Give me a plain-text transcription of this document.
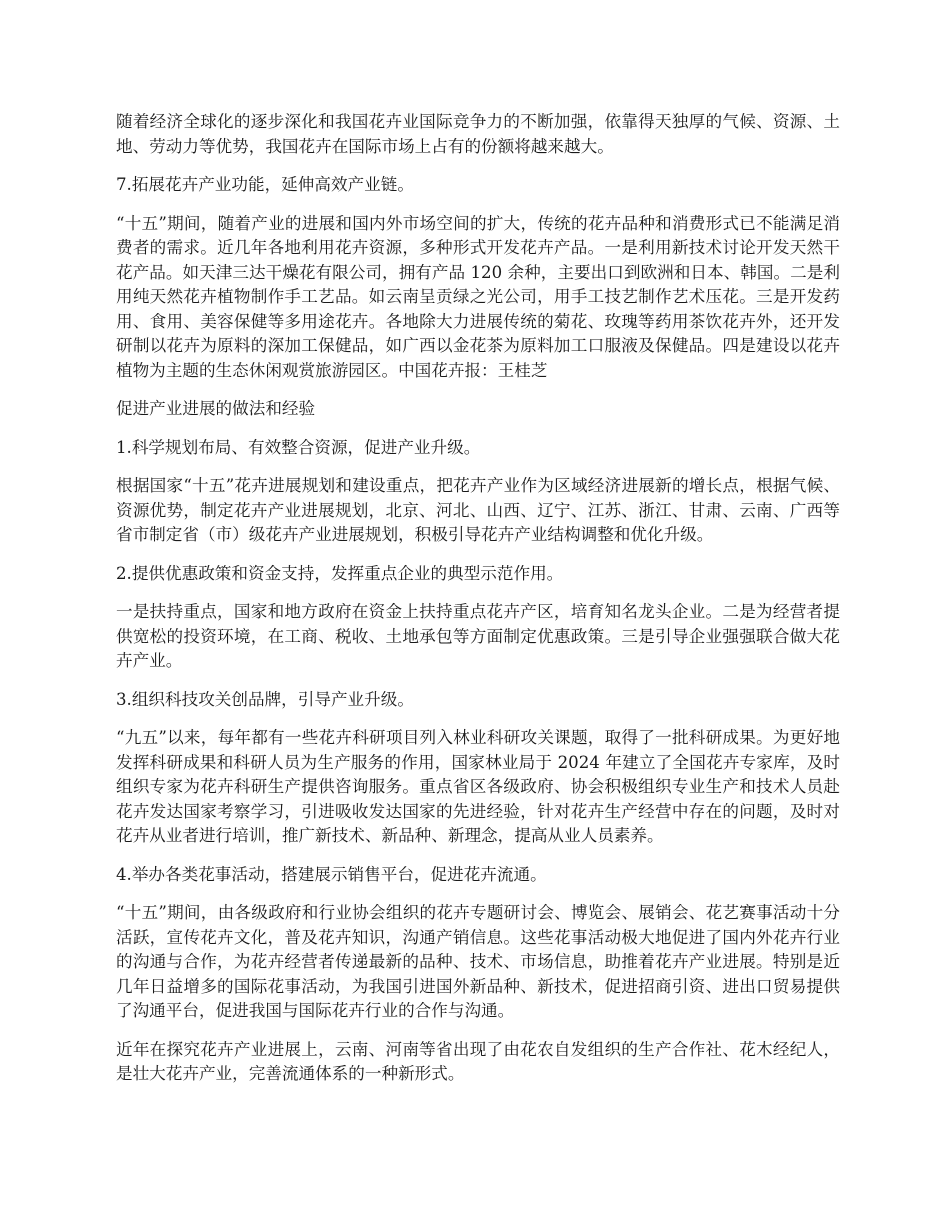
随着经济全球化的逐步深化和我国花卉业国际竞争力的不断加强，依靠得天独厚的气候、资源、土地、劳动力等优势，我国花卉在国际市场上占有的份额将越来越大。

7.拓展花卉产业功能，延伸高效产业链。

“十五”期间，随着产业的进展和国内外市场空间的扩大，传统的花卉品种和消费形式已不能满足消费者的需求。近几年各地利用花卉资源，多种形式开发花卉产品。一是利用新技术讨论开发天然干花产品。如天津三达干燥花有限公司，拥有产品 120 余种，主要出口到欧洲和日本、韩国。二是利用纯天然花卉植物制作手工艺品。如云南呈贡绿之光公司，用手工技艺制作艺术压花。三是开发药用、食用、美容保健等多用途花卉。各地除大力进展传统的菊花、玫瑰等药用茶饮花卉外，还开发研制以花卉为原料的深加工保健品，如广西以金花茶为原料加工口服液及保健品。四是建设以花卉植物为主题的生态休闲观赏旅游园区。中国花卉报：王桂芝

促进产业进展的做法和经验

1.科学规划布局、有效整合资源，促进产业升级。

根据国家“十五”花卉进展规划和建设重点，把花卉产业作为区域经济进展新的增长点，根据气候、资源优势，制定花卉产业进展规划，北京、河北、山西、辽宁、江苏、浙江、甘肃、云南、广西等省市制定省（市）级花卉产业进展规划，积极引导花卉产业结构调整和优化升级。

2.提供优惠政策和资金支持，发挥重点企业的典型示范作用。

一是扶持重点，国家和地方政府在资金上扶持重点花卉产区，培育知名龙头企业。二是为经营者提供宽松的投资环境，在工商、税收、土地承包等方面制定优惠政策。三是引导企业强强联合做大花卉产业。

3.组织科技攻关创品牌，引导产业升级。

“九五”以来，每年都有一些花卉科研项目列入林业科研攻关课题，取得了一批科研成果。为更好地发挥科研成果和科研人员为生产服务的作用，国家林业局于 2024 年建立了全国花卉专家库，及时组织专家为花卉科研生产提供咨询服务。重点省区各级政府、协会积极组织专业生产和技术人员赴花卉发达国家考察学习，引进吸收发达国家的先进经验，针对花卉生产经营中存在的问题，及时对花卉从业者进行培训，推广新技术、新品种、新理念，提高从业人员素养。

4.举办各类花事活动，搭建展示销售平台，促进花卉流通。

“十五”期间，由各级政府和行业协会组织的花卉专题研讨会、博览会、展销会、花艺赛事活动十分活跃，宣传花卉文化，普及花卉知识，沟通产销信息。这些花事活动极大地促进了国内外花卉行业的沟通与合作，为花卉经营者传递最新的品种、技术、市场信息，助推着花卉产业进展。特别是近几年日益增多的国际花事活动，为我国引进国外新品种、新技术，促进招商引资、进出口贸易提供了沟通平台，促进我国与国际花卉行业的合作与沟通。

近年在探究花卉产业进展上，云南、河南等省出现了由花农自发组织的生产合作社、花木经纪人，是壮大花卉产业，完善流通体系的一种新形式。
